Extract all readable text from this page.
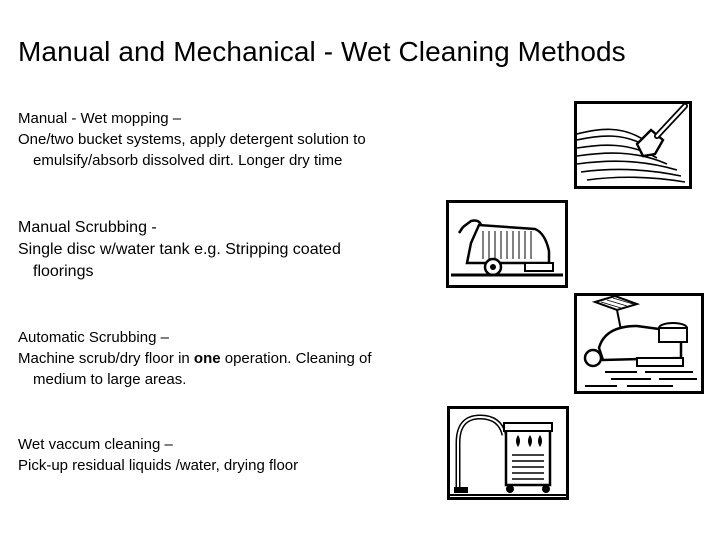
Manual and Mechanical - Wet Cleaning Methods
Manual - Wet mopping –
One/two bucket systems, apply detergent solution to
emulsify/absorb dissolved dirt. Longer dry time
Manual Scrubbing -
Single disc w/water tank e.g. Stripping coated
floorings
Automatic Scrubbing –
Machine scrub/dry floor in one operation. Cleaning of
medium to large areas.
Wet vaccum cleaning –
Pick-up residual liquids /water, drying floor
